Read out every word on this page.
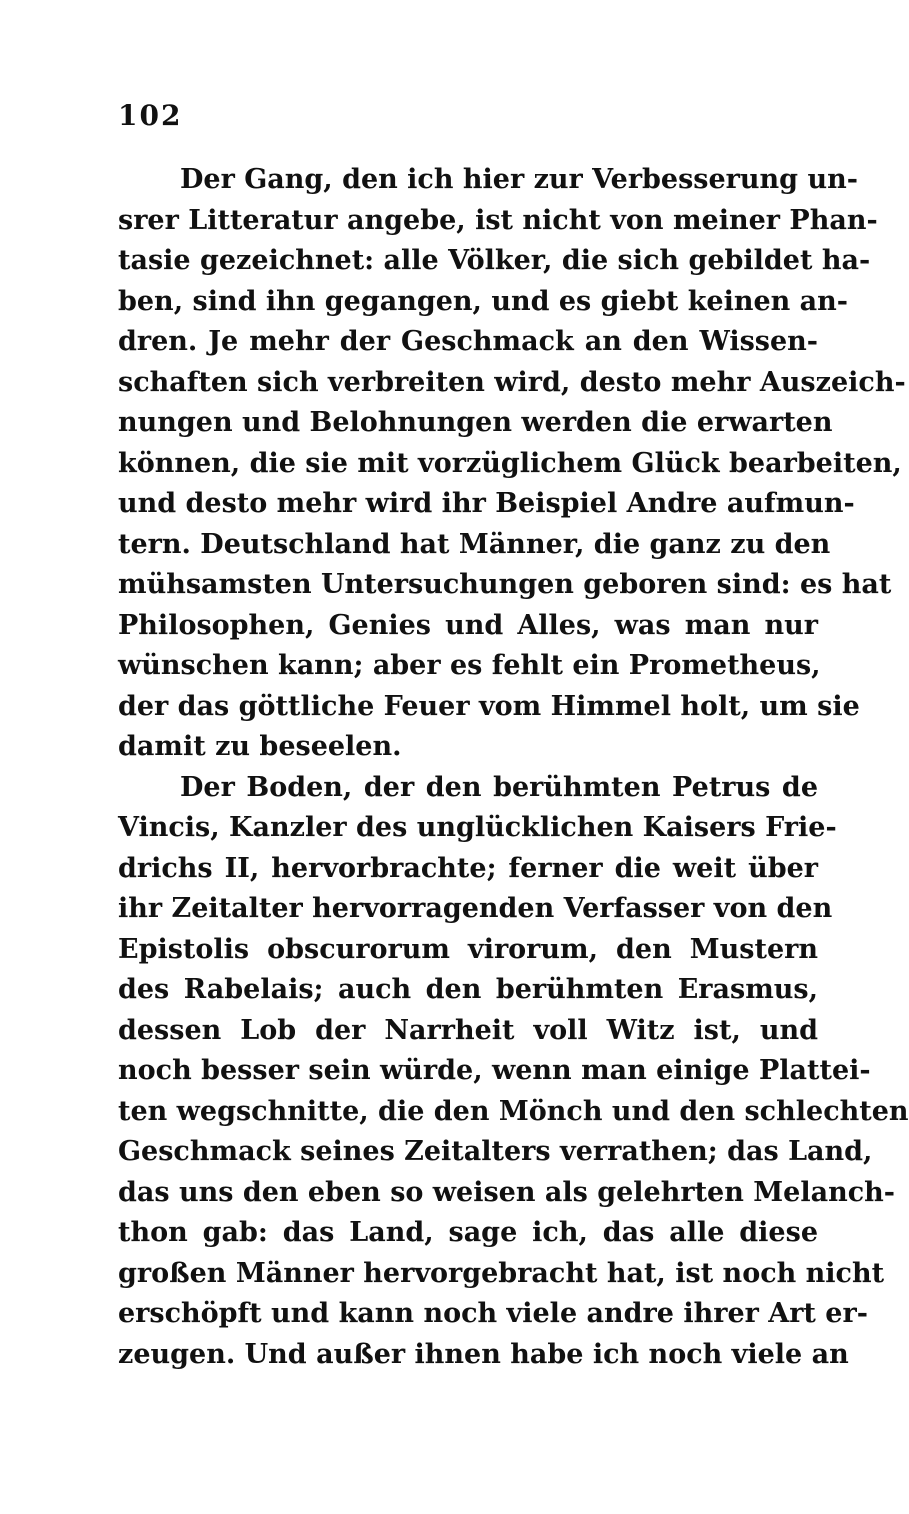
102
Der Gang, den ich hier zur Verbesserung un-
srer Litteratur angebe, ist nicht von meiner Phan-
tasie gezeichnet: alle Völker, die sich gebildet ha-
ben, sind ihn gegangen, und es giebt keinen an-
dren. Je mehr der Geschmack an den Wissen-
schaften sich verbreiten wird, desto mehr Auszeich-
nungen und Belohnungen werden die erwarten
können, die sie mit vorzüglichem Glück bearbeiten,
und desto mehr wird ihr Beispiel Andre aufmun-
tern. Deutschland hat Männer, die ganz zu den
mühsamsten Untersuchungen geboren sind: es hat
Philosophen, Genies und Alles, was man nur
wünschen kann; aber es fehlt ein Prometheus,
der das göttliche Feuer vom Himmel holt, um sie
damit zu beseelen.
Der Boden, der den berühmten Petrus de
Vincis, Kanzler des unglücklichen Kaisers Frie-
drichs II, hervorbrachte; ferner die weit über
ihr Zeitalter hervorragenden Verfasser von den
Epistolis obscurorum virorum, den Mustern
des Rabelais; auch den berühmten Erasmus,
dessen Lob der Narrheit voll Witz ist, und
noch besser sein würde, wenn man einige Plattei-
ten wegschnitte, die den Mönch und den schlechten
Geschmack seines Zeitalters verrathen; das Land,
das uns den eben so weisen als gelehrten Melanch-
thon gab: das Land, sage ich, das alle diese
großen Männer hervorgebracht hat, ist noch nicht
erschöpft und kann noch viele andre ihrer Art er-
zeugen. Und außer ihnen habe ich noch viele an
